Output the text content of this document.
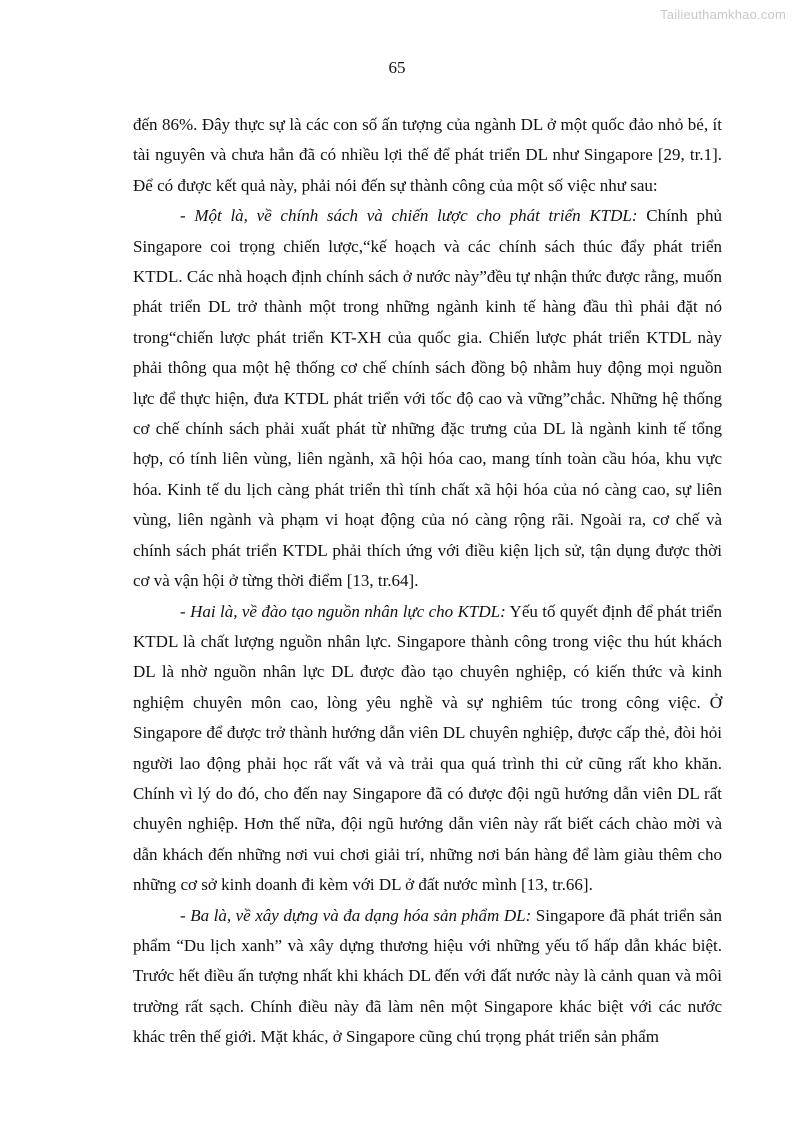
Tailieuthamkhao.com
65

đến 86%. Đây thực sự là các con số ấn tượng của ngành DL ở một quốc đảo nhỏ bé, ít tài nguyên và chưa hẳn đã có nhiều lợi thế để phát triển DL như Singapore [29, tr.1]. Để có được kết quả này, phải nói đến sự thành công của một số việc như sau:

- Một là, về chính sách và chiến lược cho phát triển KTDL: Chính phủ Singapore coi trọng chiến lược,“kế hoạch và các chính sách thúc đẩy phát triển KTDL. Các nhà hoạch định chính sách ở nước này”đều tự nhận thức được rằng, muốn phát triển DL trở thành một trong những ngành kinh tế hàng đầu thì phải đặt nó trong“chiến lược phát triển KT-XH của quốc gia. Chiến lược phát triển KTDL này phải thông qua một hệ thống cơ chế chính sách đồng bộ nhằm huy động mọi nguồn lực để thực hiện, đưa KTDL phát triển với tốc độ cao và vững”chắc. Những hệ thống cơ chế chính sách phải xuất phát từ những đặc trưng của DL là ngành kinh tế tổng hợp, có tính liên vùng, liên ngành, xã hội hóa cao, mang tính toàn cầu hóa, khu vực hóa. Kinh tế du lịch càng phát triển thì tính chất xã hội hóa của nó càng cao, sự liên vùng, liên ngành và phạm vi hoạt động của nó càng rộng rãi. Ngoài ra, cơ chế và chính sách phát triển KTDL phải thích ứng với điều kiện lịch sử, tận dụng được thời cơ và vận hội ở từng thời điểm [13, tr.64].

- Hai là, về đào tạo nguồn nhân lực cho KTDL: Yếu tố quyết định để phát triển KTDL là chất lượng nguồn nhân lực. Singapore thành công trong việc thu hút khách DL là nhờ nguồn nhân lực DL được đào tạo chuyên nghiệp, có kiến thức và kinh nghiệm chuyên môn cao, lòng yêu nghề và sự nghiêm túc trong công việc. Ở Singapore để được trở thành hướng dẫn viên DL chuyên nghiệp, được cấp thẻ, đòi hỏi người lao động phải học rất vất vả và trải qua quá trình thi cử cũng rất kho khăn. Chính vì lý do đó, cho đến nay Singapore đã có được đội ngũ hướng dẫn viên DL rất chuyên nghiệp. Hơn thế nữa, đội ngũ hướng dẫn viên này rất biết cách chào mời và dẫn khách đến những nơi vui chơi giải trí, những nơi bán hàng để làm giàu thêm cho những cơ sở kinh doanh đi kèm với DL ở đất nước mình [13, tr.66].

- Ba là, về xây dựng và đa dạng hóa sản phẩm DL: Singapore đã phát triển sản phẩm “Du lịch xanh” và xây dựng thương hiệu với những yếu tố hấp dẫn khác biệt. Trước hết điều ấn tượng nhất khi khách DL đến với đất nước này là cảnh quan và môi trường rất sạch. Chính điều này đã làm nên một Singapore khác biệt với các nước khác trên thế giới. Mặt khác, ở Singapore cũng chú trọng phát triển sản phẩm
